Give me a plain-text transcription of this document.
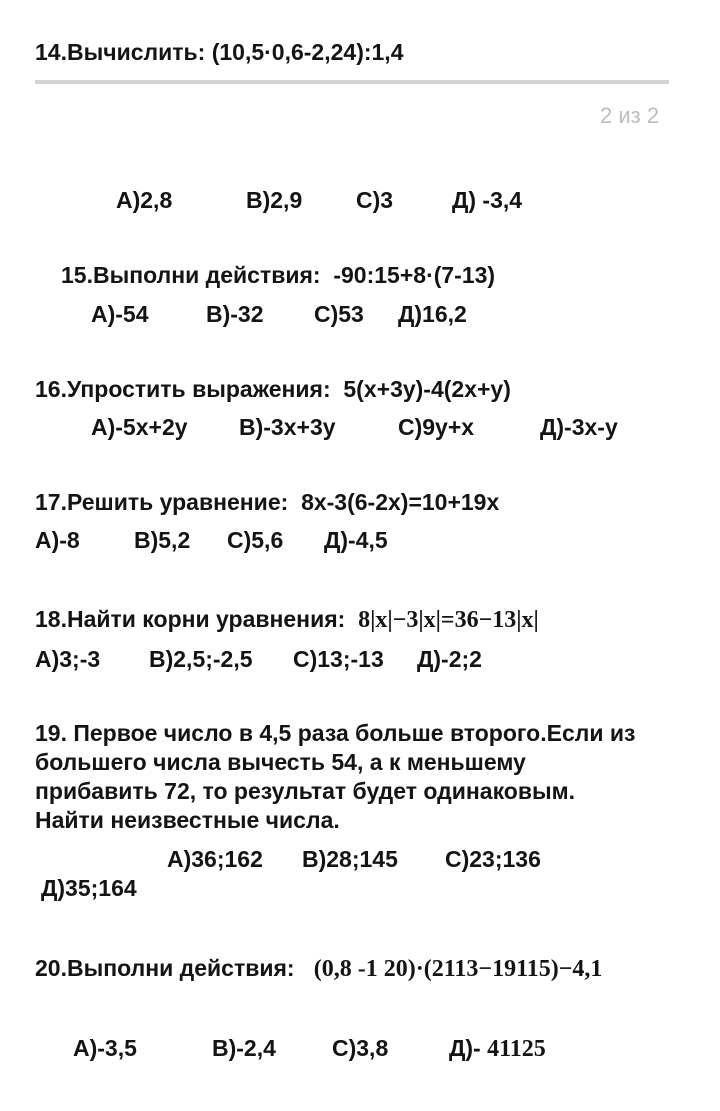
14.Вычислить: (10,5·0,6-2,24):1,4
2 из 2
А)2,8	В)2,9 С)3	Д) -3,4
15.Выполни действия: -90:15+8·(7-13)
А)-54 В)-32 С)53 Д)16,2
16.Упростить выражения: 5(x+3y)-4(2x+y)
А)-5x+2y В)-3x+3y	С)9y+x	Д)-3x-y
17.Решить уравнение: 8x-3(6-2x)=10+19x
А)-8 В)5,2 С)5,6 Д)-4,5
18.Найти корни уравнения: 8|x|−3|x|=36−13|x|
А)3;-3 В)2,5;-2,5 С)13;-13 Д)-2;2
19. Первое число в 4,5 раза больше второго.Если из
большего числа вычесть 54, а к меньшему
прибавить 72, то результат будет одинаковым.
Найти неизвестные числа.
А)36;162 В)28;145 С)23;136
Д)35;164
20.Выполни действия: (0,8 -1 20)·(2113−19115)−4,1
А)-3,5	В)-2,4 С)3,8	Д)- 41125
